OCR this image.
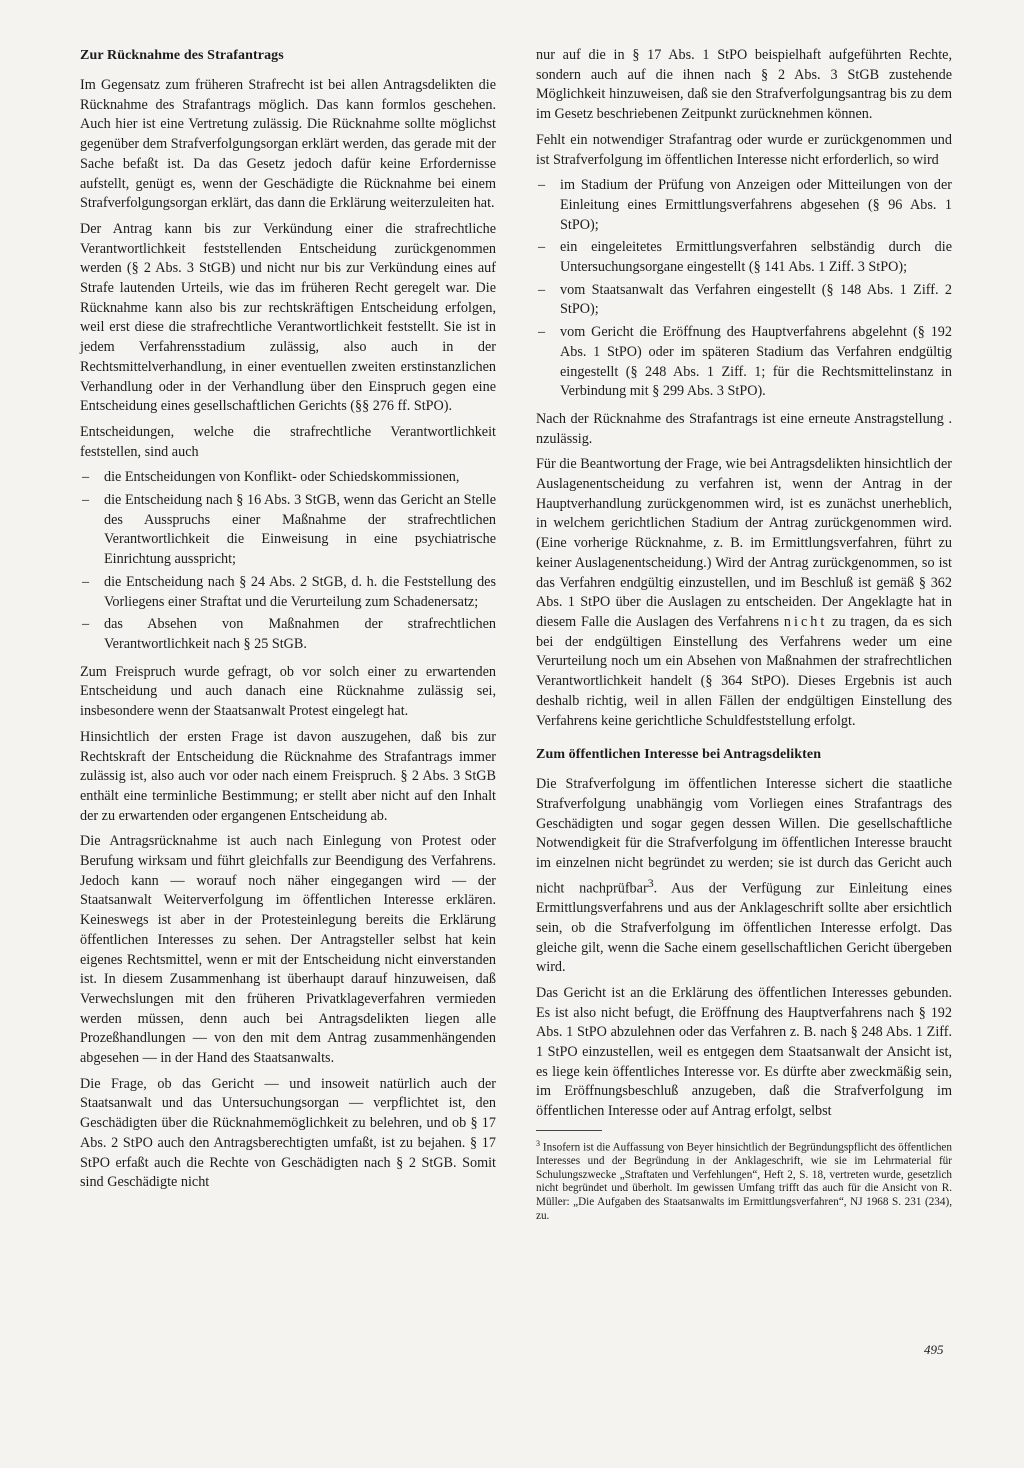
Zur Rücknahme des Strafantrags

Im Gegensatz zum früheren Strafrecht ist bei allen Antragsdelikten die Rücknahme des Strafantrags möglich. Das kann formlos geschehen. Auch hier ist eine Vertretung zulässig. Die Rücknahme sollte möglichst gegenüber dem Strafverfolgungsorgan erklärt werden, das gerade mit der Sache befaßt ist. Da das Gesetz jedoch dafür keine Erfordernisse aufstellt, genügt es, wenn der Geschädigte die Rücknahme bei einem Strafverfolgungsorgan erklärt, das dann die Erklärung weiterzuleiten hat.

Der Antrag kann bis zur Verkündung einer die strafrechtliche Verantwortlichkeit feststellenden Entscheidung zurückgenommen werden (§ 2 Abs. 3 StGB) und nicht nur bis zur Verkündung eines auf Strafe lautenden Urteils, wie das im früheren Recht geregelt war. Die Rücknahme kann also bis zur rechtskräftigen Entscheidung erfolgen, weil erst diese die strafrechtliche Verantwortlichkeit feststellt. Sie ist in jedem Verfahrensstadium zulässig, also auch in der Rechtsmittelverhandlung, in einer eventuellen zweiten erstinstanzlichen Verhandlung oder in der Verhandlung über den Einspruch gegen eine Entscheidung eines gesellschaftlichen Gerichts (§§ 276 ff. StPO).

Entscheidungen, welche die strafrechtliche Verantwortlichkeit feststellen, sind auch

– die Entscheidungen von Konflikt- oder Schiedskommissionen,
– die Entscheidung nach § 16 Abs. 3 StGB, wenn das Gericht an Stelle des Ausspruchs einer Maßnahme der strafrechtlichen Verantwortlichkeit die Einweisung in eine psychiatrische Einrichtung ausspricht;
– die Entscheidung nach § 24 Abs. 2 StGB, d. h. die Feststellung des Vorliegens einer Straftat und die Verurteilung zum Schadenersatz;
– das Absehen von Maßnahmen der strafrechtlichen Verantwortlichkeit nach § 25 StGB.

Zum Freispruch wurde gefragt, ob vor solch einer zu erwartenden Entscheidung und auch danach eine Rücknahme zulässig sei, insbesondere wenn der Staatsanwalt Protest eingelegt hat.

Hinsichtlich der ersten Frage ist davon auszugehen, daß bis zur Rechtskraft der Entscheidung die Rücknahme des Strafantrags immer zulässig ist, also auch vor oder nach einem Freispruch. § 2 Abs. 3 StGB enthält eine terminliche Bestimmung; er stellt aber nicht auf den Inhalt der zu erwartenden oder ergangenen Entscheidung ab.

Die Antragsrücknahme ist auch nach Einlegung von Protest oder Berufung wirksam und führt gleichfalls zur Beendigung des Verfahrens. Jedoch kann — worauf noch näher eingegangen wird — der Staatsanwalt Weiterverfolgung im öffentlichen Interesse erklären. Keineswegs ist aber in der Protesteinlegung bereits die Erklärung öffentlichen Interesses zu sehen. Der Antragsteller selbst hat kein eigenes Rechtsmittel, wenn er mit der Entscheidung nicht einverstanden ist. In diesem Zusammenhang ist überhaupt darauf hinzuweisen, daß Verwechslungen mit den früheren Privatklageverfahren vermieden werden müssen, denn auch bei Antragsdelikten liegen alle Prozeßhandlungen — von den mit dem Antrag zusammenhängenden abgesehen — in der Hand des Staatsanwalts.

Die Frage, ob das Gericht — und insoweit natürlich auch der Staatsanwalt und das Untersuchungsorgan — verpflichtet ist, den Geschädigten über die Rücknahmemöglichkeit zu belehren, und ob § 17 Abs. 2 StPO auch den Antragsberechtigten umfaßt, ist zu bejahen. § 17 StPO erfaßt auch die Rechte von Geschädigten nach § 2 StGB. Somit sind Geschädigte nicht

nur auf die in § 17 Abs. 1 StPO beispielhaft aufgeführten Rechte, sondern auch auf die ihnen nach § 2 Abs. 3 StGB zustehende Möglichkeit hinzuweisen, daß sie den Strafverfolgungsantrag bis zu dem im Gesetz beschriebenen Zeitpunkt zurücknehmen können.

Fehlt ein notwendiger Strafantrag oder wurde er zurückgenommen und ist Strafverfolgung im öffentlichen Interesse nicht erforderlich, so wird

– im Stadium der Prüfung von Anzeigen oder Mitteilungen von der Einleitung eines Ermittlungsverfahrens abgesehen (§ 96 Abs. 1 StPO);
– ein eingeleitetes Ermittlungsverfahren selbständig durch die Untersuchungsorgane eingestellt (§ 141 Abs. 1 Ziff. 3 StPO);
– vom Staatsanwalt das Verfahren eingestellt (§ 148 Abs. 1 Ziff. 2 StPO);
– vom Gericht die Eröffnung des Hauptverfahrens abgelehnt (§ 192 Abs. 1 StPO) oder im späteren Stadium das Verfahren endgültig eingestellt (§ 248 Abs. 1 Ziff. 1; für die Rechtsmittelinstanz in Verbindung mit § 299 Abs. 3 StPO).

Nach der Rücknahme des Strafantrags ist eine erneute Anstragstellung . nzulässig.

Für die Beantwortung der Frage, wie bei Antragsdelikten hinsichtlich der Auslagenentscheidung zu verfahren ist, wenn der Antrag in der Hauptverhandlung zurückgenommen wird, ist es zunächst unerheblich, in welchem gerichtlichen Stadium der Antrag zurückgenommen wird. (Eine vorherige Rücknahme, z. B. im Ermittlungsverfahren, führt zu keiner Auslagenentscheidung.) Wird der Antrag zurückgenommen, so ist das Verfahren endgültig einzustellen, und im Beschluß ist gemäß § 362 Abs. 1 StPO über die Auslagen zu entscheiden. Der Angeklagte hat in diesem Falle die Auslagen des Verfahrens nicht zu tragen, da es sich bei der endgültigen Einstellung des Verfahrens weder um eine Verurteilung noch um ein Absehen von Maßnahmen der strafrechtlichen Verantwortlichkeit handelt (§ 364 StPO). Dieses Ergebnis ist auch deshalb richtig, weil in allen Fällen der endgültigen Einstellung des Verfahrens keine gerichtliche Schuldfeststellung erfolgt.

Zum öffentlichen Interesse bei Antragsdelikten

Die Strafverfolgung im öffentlichen Interesse sichert die staatliche Strafverfolgung unabhängig vom Vorliegen eines Strafantrags des Geschädigten und sogar gegen dessen Willen. Die gesellschaftliche Notwendigkeit für die Strafverfolgung im öffentlichen Interesse braucht im einzelnen nicht begründet zu werden; sie ist durch das Gericht auch nicht nachprüfbar$^3$. Aus der Verfügung zur Einleitung eines Ermittlungsverfahrens und aus der Anklageschrift sollte aber ersichtlich sein, ob die Strafverfolgung im öffentlichen Interesse erfolgt. Das gleiche gilt, wenn die Sache einem gesellschaftlichen Gericht übergeben wird.

Das Gericht ist an die Erklärung des öffentlichen Interesses gebunden. Es ist also nicht befugt, die Eröffnung des Hauptverfahrens nach § 192 Abs. 1 StPO abzulehnen oder das Verfahren z. B. nach § 248 Abs. 1 Ziff. 1 StPO einzustellen, weil es entgegen dem Staatsanwalt der Ansicht ist, es liege kein öffentliches Interesse vor. Es dürfte aber zweckmäßig sein, im Eröffnungsbeschluß anzugeben, daß die Strafverfolgung im öffentlichen Interesse oder auf Antrag erfolgt, selbst

$^3$ Insofern ist die Auffassung von Beyer hinsichtlich der Begründungspflicht des öffentlichen Interesses und der Begründung in der Anklageschrift, wie sie im Lehrmaterial für Schulungszwecke „Straftaten und Verfehlungen“, Heft 2, S. 18, vertreten wurde, gesetzlich nicht begründet und überholt. Im gewissen Umfang trifft das auch für die Ansicht von R. Müller: „Die Aufgaben des Staatsanwalts im Ermittlungsverfahren“, NJ 1968 S. 231 (234), zu.

495
